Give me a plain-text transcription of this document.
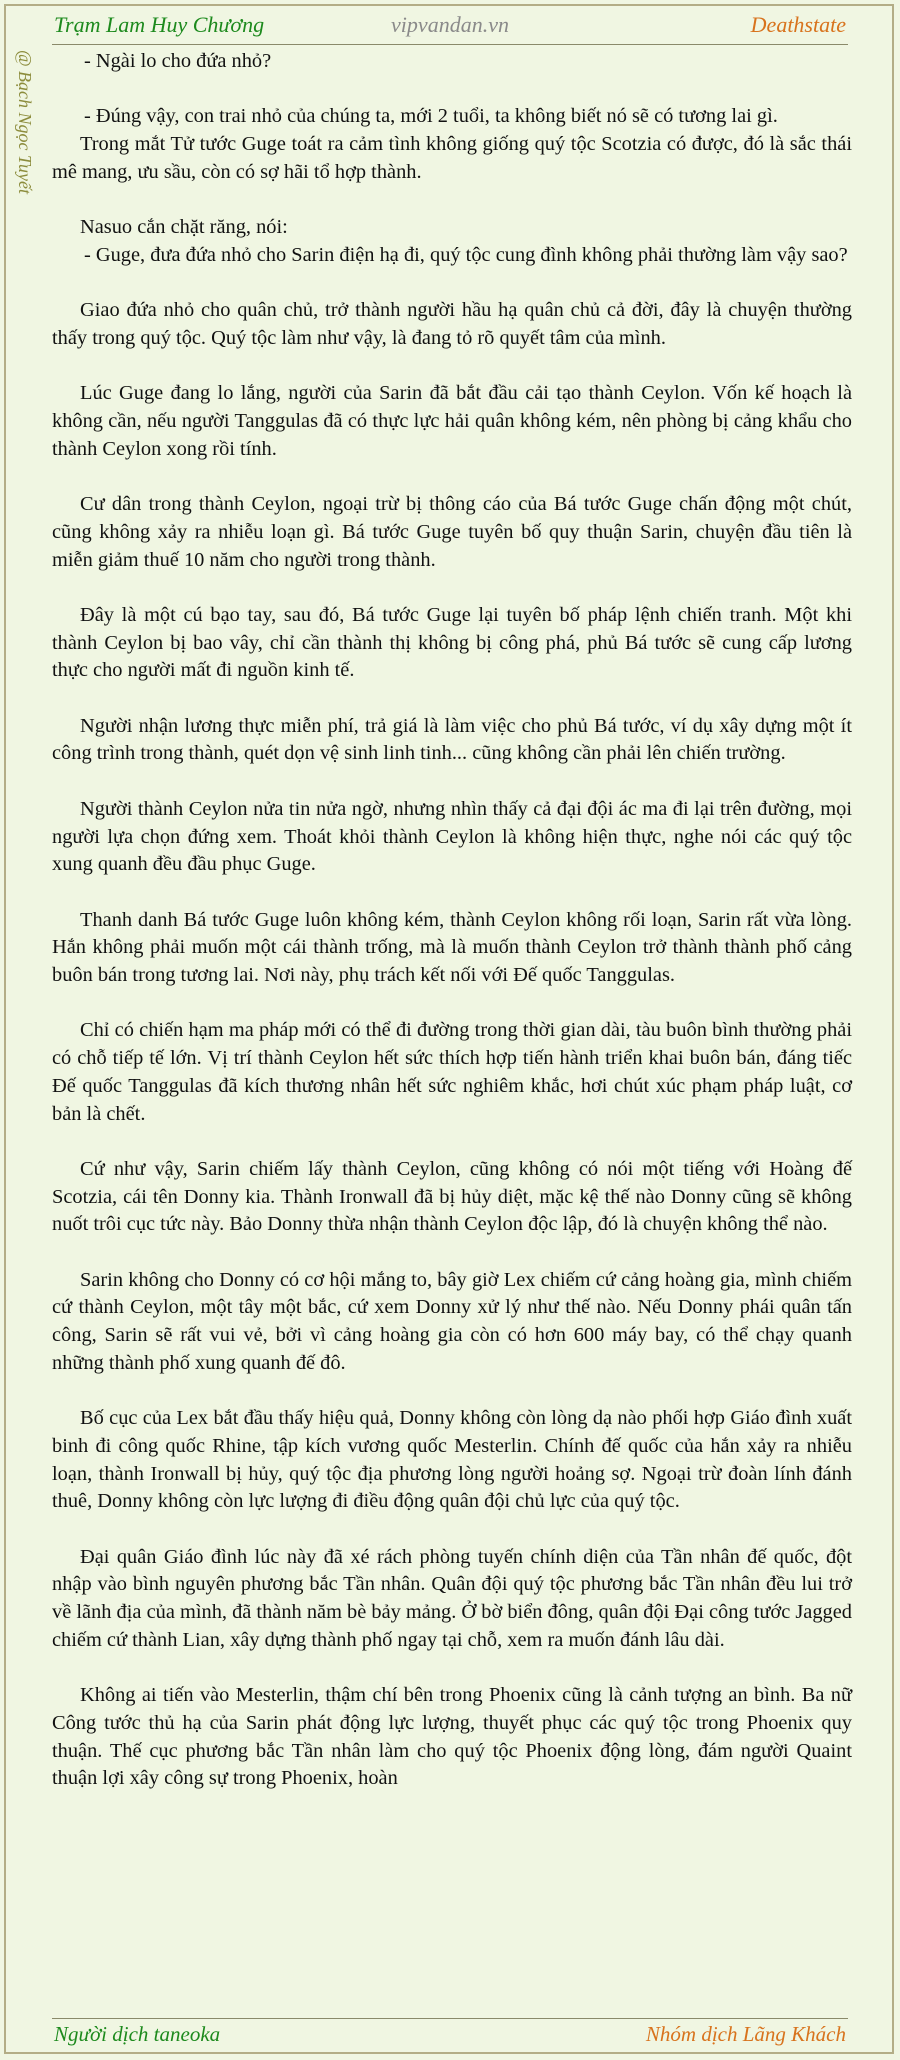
Trạm Lam Huy Chương	vipvandan.vn	Deathstate
@ Bạch Ngọc Tuyết	- Ngài lo cho đứa nhỏ?

- Đúng vậy, con trai nhỏ của chúng ta, mới 2 tuổi, ta không biết nó sẽ có tương lai gì.

Trong mắt Tử tước Guge toát ra cảm tình không giống quý tộc Scotzia có được, đó là sắc thái mê mang, ưu sầu, còn có sợ hãi tổ hợp thành.

Nasuo cắn chặt răng, nói:

- Guge, đưa đứa nhỏ cho Sarin điện hạ đi, quý tộc cung đình không phải thường làm vậy sao?

Giao đứa nhỏ cho quân chủ, trở thành người hầu hạ quân chủ cả đời, đây là chuyện thường thấy trong quý tộc. Quý tộc làm như vậy, là đang tỏ rõ quyết tâm của mình.

Lúc Guge đang lo lắng, người của Sarin đã bắt đầu cải tạo thành Ceylon. Vốn kế hoạch là không cần, nếu người Tanggulas đã có thực lực hải quân không kém, nên phòng bị cảng khẩu cho thành Ceylon xong rồi tính.

Cư dân trong thành Ceylon, ngoại trừ bị thông cáo của Bá tước Guge chấn động một chút, cũng không xảy ra nhiễu loạn gì. Bá tước Guge tuyên bố quy thuận Sarin, chuyện đầu tiên là miễn giảm thuế 10 năm cho người trong thành.

Đây là một cú bạo tay, sau đó, Bá tước Guge lại tuyên bố pháp lệnh chiến tranh. Một khi thành Ceylon bị bao vây, chỉ cần thành thị không bị công phá, phủ Bá tước sẽ cung cấp lương thực cho người mất đi nguồn kinh tế.

Người nhận lương thực miễn phí, trả giá là làm việc cho phủ Bá tước, ví dụ xây dựng một ít công trình trong thành, quét dọn vệ sinh linh tinh... cũng không cần phải lên chiến trường.

Người thành Ceylon nửa tin nửa ngờ, nhưng nhìn thấy cả đại đội ác ma đi lại trên đường, mọi người lựa chọn đứng xem. Thoát khỏi thành Ceylon là không hiện thực, nghe nói các quý tộc xung quanh đều đầu phục Guge.

Thanh danh Bá tước Guge luôn không kém, thành Ceylon không rối loạn, Sarin rất vừa lòng. Hắn không phải muốn một cái thành trống, mà là muốn thành Ceylon trở thành thành phố cảng buôn bán trong tương lai. Nơi này, phụ trách kết nối với Đế quốc Tanggulas.

Chỉ có chiến hạm ma pháp mới có thể đi đường trong thời gian dài, tàu buôn bình thường phải có chỗ tiếp tế lớn. Vị trí thành Ceylon hết sức thích hợp tiến hành triển khai buôn bán, đáng tiếc Đế quốc Tanggulas đã kích thương nhân hết sức nghiêm khắc, hơi chút xúc phạm pháp luật, cơ bản là chết.

Cứ như vậy, Sarin chiếm lấy thành Ceylon, cũng không có nói một tiếng với Hoàng đế Scotzia, cái tên Donny kia. Thành Ironwall đã bị hủy diệt, mặc kệ thế nào Donny cũng sẽ không nuốt trôi cục tức này. Bảo Donny thừa nhận thành Ceylon độc lập, đó là chuyện không thể nào.

Sarin không cho Donny có cơ hội mắng to, bây giờ Lex chiếm cứ cảng hoàng gia, mình chiếm cứ thành Ceylon, một tây một bắc, cứ xem Donny xử lý như thế nào. Nếu Donny phái quân tấn công, Sarin sẽ rất vui vẻ, bởi vì cảng hoàng gia còn có hơn 600 máy bay, có thể chạy quanh những thành phố xung quanh đế đô.

Bố cục của Lex bắt đầu thấy hiệu quả, Donny không còn lòng dạ nào phối hợp Giáo đình xuất binh đi công quốc Rhine, tập kích vương quốc Mesterlin. Chính đế quốc của hắn xảy ra nhiễu loạn, thành Ironwall bị hủy, quý tộc địa phương lòng người hoảng sợ. Ngoại trừ đoàn lính đánh thuê, Donny không còn lực lượng đi điều động quân đội chủ lực của quý tộc.

Đại quân Giáo đình lúc này đã xé rách phòng tuyến chính diện của Tần nhân đế quốc, đột nhập vào bình nguyên phương bắc Tần nhân. Quân đội quý tộc phương bắc Tần nhân đều lui trở về lãnh địa của mình, đã thành năm bè bảy mảng. Ở bờ biển đông, quân đội Đại công tước Jagged chiếm cứ thành Lian, xây dựng thành phố ngay tại chỗ, xem ra muốn đánh lâu dài.

Không ai tiến vào Mesterlin, thậm chí bên trong Phoenix cũng là cảnh tượng an bình. Ba nữ Công tước thủ hạ của Sarin phát động lực lượng, thuyết phục các quý tộc trong Phoenix quy thuận. Thế cục phương bắc Tần nhân làm cho quý tộc Phoenix động lòng, đám người Quaint thuận lợi xây công sự trong Phoenix, hoàn

Người dịch taneoka	Nhóm dịch Lãng Khách
